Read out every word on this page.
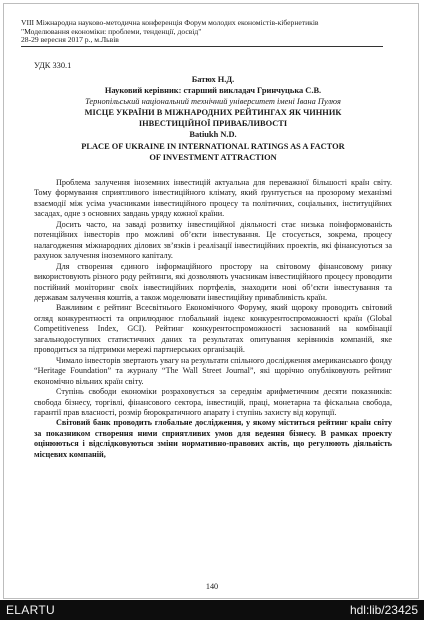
VIII Міжнародна науково-методична конференція Форум молодих економістів-кібернетиків
"Моделювання економіки: проблеми, тенденції, досвід"
28-29 вересня 2017 р., м.Львів
УДК 330.1
Батюх Н.Д.
Науковий керівник: старший викладач Гринчуцька С.В.
Тернопільський національний технічний університет імені Івана Пулюя
МІСЦЕ УКРАЇНИ В МІЖНАРОДНИХ РЕЙТИНГАХ ЯК ЧИННИК
ІНВЕСТИЦІЙНОЇ ПРИВАБЛИВОСТІ
Batiukh N.D.
PLACE OF UKRAINE IN INTERNATIONAL RATINGS AS A FACTOR
OF INVESTMENT ATTRACTION

Проблема залучення іноземних інвестицій актуальна для переважної більшості країн світу. Тому формування сприятливого інвестиційного клімату, який ґрунтується на прозорому механізмі взаємодії між усіма учасниками інвестиційного процесу та політичних, соціальних, інституційних засадах, одне з основних завдань уряду кожної країни.

Досить часто, на заваді розвитку інвестиційної діяльності стає низька поінформованість потенційних інвесторів про можливі об’єкти інвестування. Це стосується, зокрема, процесу налагодження міжнародних ділових зв’язків і реалізації інвестиційних проектів, які фінансуються за рахунок залучення іноземного капіталу.

Для створення єдиного інформаційного простору на світовому фінансовому ринку використовують різного роду рейтинги, які дозволяють учасникам інвестиційного процесу проводити постійний моніторинг своїх інвестиційних портфелів, знаходити нові об’єкти інвестування та державам залучення коштів, а також моделювати інвестиційну привабливість країн.

Важливим є рейтинг Всесвітнього Економічного Форуму, який щороку проводить світовий огляд конкурентності та оприлюднює глобальний індекс конкурентоспроможності країн (Global Competitiveness Index, GCI). Рейтинг конкурентоспроможності заснований на комбінації загальнодоступних статистичних даних та результатах опитування керівників компаній, яке проводиться за підтримки мережі партнерських організацій.

Чимало інвесторів звертають увагу на результати спільного дослідження американського фонду “Heritage Foundation” та журналу “The Wall Street Journal”, які щорічно опубліковують рейтинг економічно вільних країн світу.

Ступінь свободи економіки розраховується за середнім арифметичним десяти показників: свобода бізнесу, торгівлі, фінансового сектора, інвестицій, праці, монетарна та фіскальна свобода, гарантії прав власності, розмір бюрократичного апарату і ступінь захисту від корупції.

Світовий банк проводить глобальне дослідження, у якому міститься рейтинг країн світу за показником створення ними сприятливих умов для ведення бізнесу. В рамках проекту оцінюються і відслідковуються зміни нормативно-правових актів, що регулюють діяльність місцевих компаній,

140
ELARTU	hdl:lib/23425
